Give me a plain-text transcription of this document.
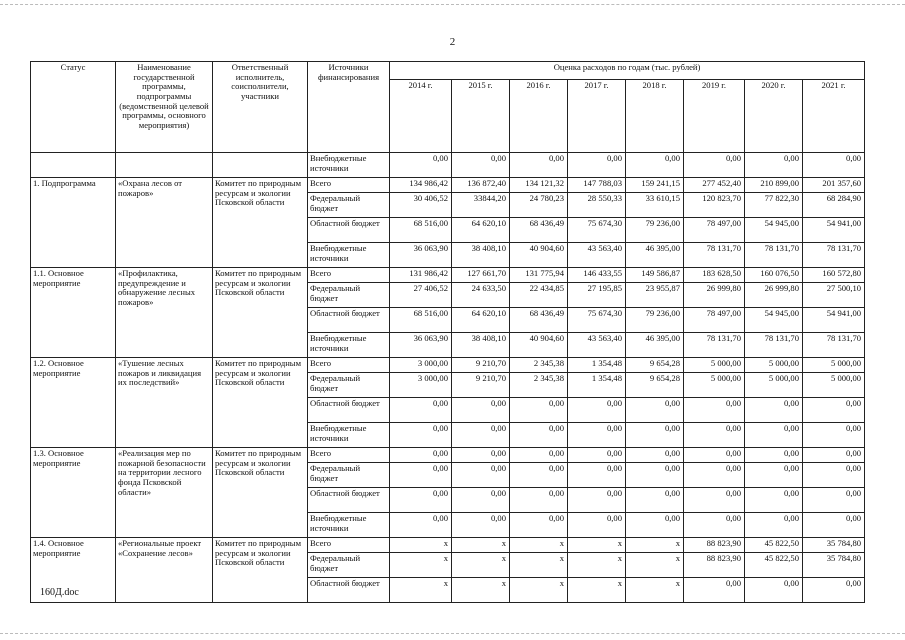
2
Статус	Наименование государственной программы, подпрограммы (ведомственной целевой программы, основного мероприятия)	Ответственный исполнитель, соисполнители, участники	Источники финансирования	Оценка расходов по годам (тыс. рублей)							
				2014 г.	2015 г.	2016 г.	2017 г.	2018 г.	2019 г.	2020 г.	2021 г.
			Внебюджетные источники	0,00	0,00	0,00	0,00	0,00	0,00	0,00	0,00
1. Подпрограмма	«Охрана лесов от пожаров»	Комитет по природным ресурсам и экологии Псковской области	Всего	134 986,42	136 872,40	134 121,32	147 788,03	159 241,15	277 452,40	210 899,00	201 357,60
			Федеральный бюджет	30 406,52	33844,20	24 780,23	28 550,33	33 610,15	120 823,70	77 822,30	68 284,90
			Областной бюджет	68 516,00	64 620,10	68 436,49	75 674,30	79 236,00	78 497,00	54 945,00	54 941,00
			Внебюджетные источники	36 063,90	38 408,10	40 904,60	43 563,40	46 395,00	78 131,70	78 131,70	78 131,70
1.1. Основное мероприятие	«Профилактика, предупреждение и обнаружение лесных пожаров»	Комитет по природным ресурсам и экологии Псковской области	Всего	131 986,42	127 661,70	131 775,94	146 433,55	149 586,87	183 628,50	160 076,50	160 572,80
			Федеральный бюджет	27 406,52	24 633,50	22 434,85	27 195,85	23 955,87	26 999,80	26 999,80	27 500,10
			Областной бюджет	68 516,00	64 620,10	68 436,49	75 674,30	79 236,00	78 497,00	54 945,00	54 941,00
			Внебюджетные источники	36 063,90	38 408,10	40 904,60	43 563,40	46 395,00	78 131,70	78 131,70	78 131,70
1.2. Основное мероприятие	«Тушение лесных пожаров и ликвидация их последствий»	Комитет по природным ресурсам и экологии Псковской области	Всего	3 000,00	9 210,70	2 345,38	1 354,48	9 654,28	5 000,00	5 000,00	5 000,00
			Федеральный бюджет	3 000,00	9 210,70	2 345,38	1 354,48	9 654,28	5 000,00	5 000,00	5 000,00
			Областной бюджет	0,00	0,00	0,00	0,00	0,00	0,00	0,00	0,00
			Внебюджетные источники	0,00	0,00	0,00	0,00	0,00	0,00	0,00	0,00
1.3. Основное мероприятие	«Реализация мер по пожарной безопасности на территории лесного фонда Псковской области»	Комитет по природным ресурсам и экологии Псковской области	Всего	0,00	0,00	0,00	0,00	0,00	0,00	0,00	0,00
			Федеральный бюджет	0,00	0,00	0,00	0,00	0,00	0,00	0,00	0,00
			Областной бюджет	0,00	0,00	0,00	0,00	0,00	0,00	0,00	0,00
			Внебюджетные источники	0,00	0,00	0,00	0,00	0,00	0,00	0,00	0,00
1.4. Основное мероприятие	«Региональные проект «Сохранение лесов»	Комитет по природным ресурсам и экологии Псковской области	Всего	x	x	x	x	x	88 823,90	45 822,50	35 784,80
			Федеральный бюджет	x	x	x	x	x	88 823,90	45 822,50	35 784,80
			Областной бюджет	x	x	x	x	x	0,00	0,00	0,00
160Д.doc
